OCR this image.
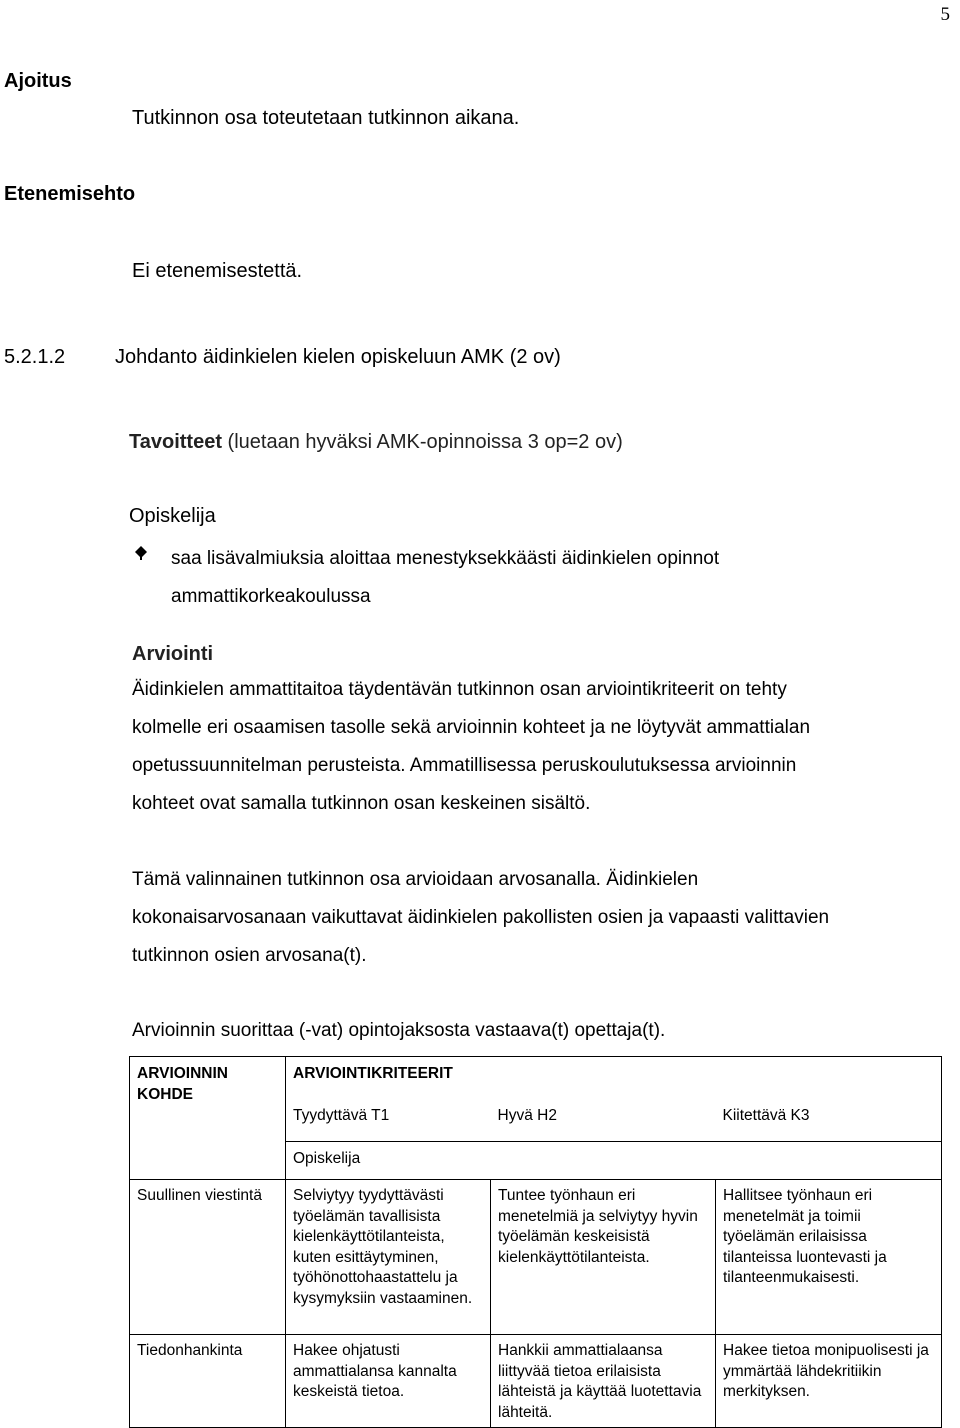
5
Ajoitus
Tutkinnon osa toteutetaan tutkinnon aikana.
Etenemisehto
Ei etenemisestettä.
5.2.1.2 Johdanto äidinkielen kielen opiskeluun AMK (2 ov)
Tavoitteet (luetaan hyväksi AMK-opinnoissa 3 op=2 ov)
Opiskelija
saa lisävalmiuksia aloittaa menestyksekkäästi äidinkielen opinnot
ammattikorkeakoulussa
Arviointi
Äidinkielen ammattitaitoa täydentävän tutkinnon osan arviointikriteerit on tehty
kolmelle eri osaamisen tasolle sekä arvioinnin kohteet ja ne löytyvät ammattialan
opetussuunnitelman perusteista. Ammatillisessa peruskoulutuksessa arvioinnin
kohteet ovat samalla tutkinnon osan keskeinen sisältö.
Tämä valinnainen tutkinnon osa arvioidaan arvosanalla. Äidinkielen
kokonaisarvosanaan vaikuttavat äidinkielen pakollisten osien ja vapaasti valittavien
tutkinnon osien arvosana(t).
Arvioinnin suorittaa (-vat) opintojaksosta vastaava(t) opettaja(t).
ARVIOINNIN KOHDE	ARVIOINTIKRITEERIT		

	Tyydyttävä T1	Hyvä H2	Kiitettävä K3

	Opiskelija		

Suullinen viestintä	Selviytyy tyydyttävästi työelämän tavallisista kielenkäyttötilanteista, kuten esittäytyminen, työhönottohaastattelu ja kysymyksiin vastaaminen.	Tuntee työnhaun eri menetelmiä ja selviytyy hyvin työelämän keskeisistä kielenkäyttötilanteista.	Hallitsee työnhaun eri menetelmät ja toimii työelämän erilaisissa tilanteissa luontevasti ja tilanteenmukaisesti.

Tiedonhankinta	Hakee ohjatusti ammattialansa kannalta keskeistä tietoa.	Hankkii ammattialaansa liittyvää tietoa erilaisista lähteistä ja käyttää luotettavia lähteitä.	Hakee tietoa monipuolisesti ja ymmärtää lähdekritiikin merkityksen.
